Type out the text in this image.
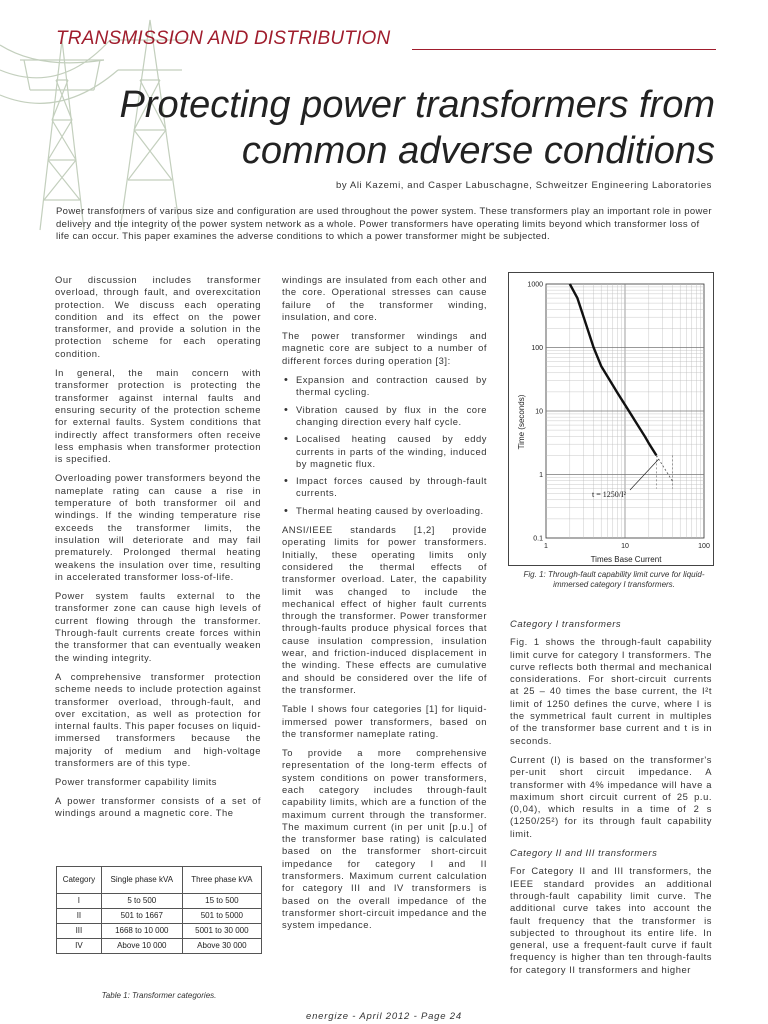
TRANSMISSION AND DISTRIBUTION
Protecting power transformers from
common adverse conditions
by Ali Kazemi, and Casper Labuschagne, Schweitzer Engineering Laboratories
Power transformers of various size and configuration are used throughout the power system. These transformers play an important role in power delivery and the integrity of the power system network as a whole. Power transformers have operating limits beyond which transformer loss of life can occur. This paper examines the adverse conditions to which a power transformer might be subjected.

Our discussion includes transformer overload, through fault, and overexcitation protection. We discuss each operating condition and its effect on the power transformer, and provide a solution in the protection scheme for each operating condition.

In general, the main concern with transformer protection is protecting the transformer against internal faults and ensuring security of the protection scheme for external faults. System conditions that indirectly affect transformers often receive less emphasis when transformer protection is specified.

Overloading power transformers beyond the nameplate rating can cause a rise in temperature of both transformer oil and windings. If the winding temperature rise exceeds the transformer limits, the insulation will deteriorate and may fail prematurely. Prolonged thermal heating weakens the insulation over time, resulting in accelerated transformer loss-of-life.

Power system faults external to the transformer zone can cause high levels of current flowing through the transformer. Through-fault currents create forces within the transformer that can eventually weaken the winding integrity.

A comprehensive transformer protection scheme needs to include protection against transformer overload, through-fault, and over excitation, as well as protection for internal faults. This paper focuses on liquid-immersed transformers because the majority of medium and high-voltage transformers are of this type.

Power transformer capability limits

A power transformer consists of a set of windings around a magnetic core. The

Category	Single phase kVA	Three phase kVA
I	5 to 500	15 to 500
II	501 to 1667	501 to 5000
III	1668 to 10 000	5001 to 30 000
IV	Above 10 000	Above 30 000
Table 1: Transformer categories.

windings are insulated from each other and the core. Operational stresses can cause failure of the transformer winding, insulation, and core.

The power transformer windings and magnetic core are subject to a number of different forces during operation [3]:

• Expansion and contraction caused by thermal cycling.
• Vibration caused by flux in the core changing direction every half cycle.
• Localised heating caused by eddy currents in parts of the winding, induced by magnetic flux.
• Impact forces caused by through-fault currents.
• Thermal heating caused by overloading.

ANSI/IEEE standards [1,2] provide operating limits for power transformers. Initially, these operating limits only considered the thermal effects of transformer overload. Later, the capability limit was changed to include the mechanical effect of higher fault currents through the transformer. Power transformer through-faults produce physical forces that cause insulation compression, insulation wear, and friction-induced displacement in the winding. These effects are cumulative and should be considered over the life of the transformer.

Table I shows four categories [1] for liquid-immersed power transformers, based on the transformer nameplate rating.

To provide a more comprehensive representation of the long-term effects of system conditions on power transformers, each category includes through-fault capability limits, which are a function of the maximum current through the transformer. The maximum current (in per unit [p.u.] of the transformer base rating) is calculated based on the transformer short-circuit impedance for category I and II transformers. Maximum current calculation for category III and IV transformers is based on the overall impedance of the transformer short-circuit impedance and the system impedance.

1	10	100
0.1
1
10
100
1000
Time (seconds)
Times Base Current
t = 1250/I²
Fig. 1: Through-fault capability limit curve for liquid-immersed category I transformers.
Category I transformers

Fig. 1 shows the through-fault capability limit curve for category I transformers. The curve reflects both thermal and mechanical considerations. For short-circuit currents at 25 – 40 times the base current, the I²t limit of 1250 defines the curve, where I is the symmetrical fault current in multiples of the transformer base current and t is in seconds.

Current (I) is based on the transformer's per-unit short circuit impedance. A transformer with 4% impedance will have a maximum short circuit current of 25 p.u. (0,04), which results in a time of 2 s (1250/25²) for its through fault capability limit.

Category II and III transformers

For Category II and III transformers, the IEEE standard provides an additional through-fault capability limit curve. The additional curve takes into account the fault frequency that the transformer is subjected to throughout its entire life. In general, use a frequent-fault curve if fault frequency is higher than ten through-faults for category II transformers and higher

energize - April 2012 - Page 24
